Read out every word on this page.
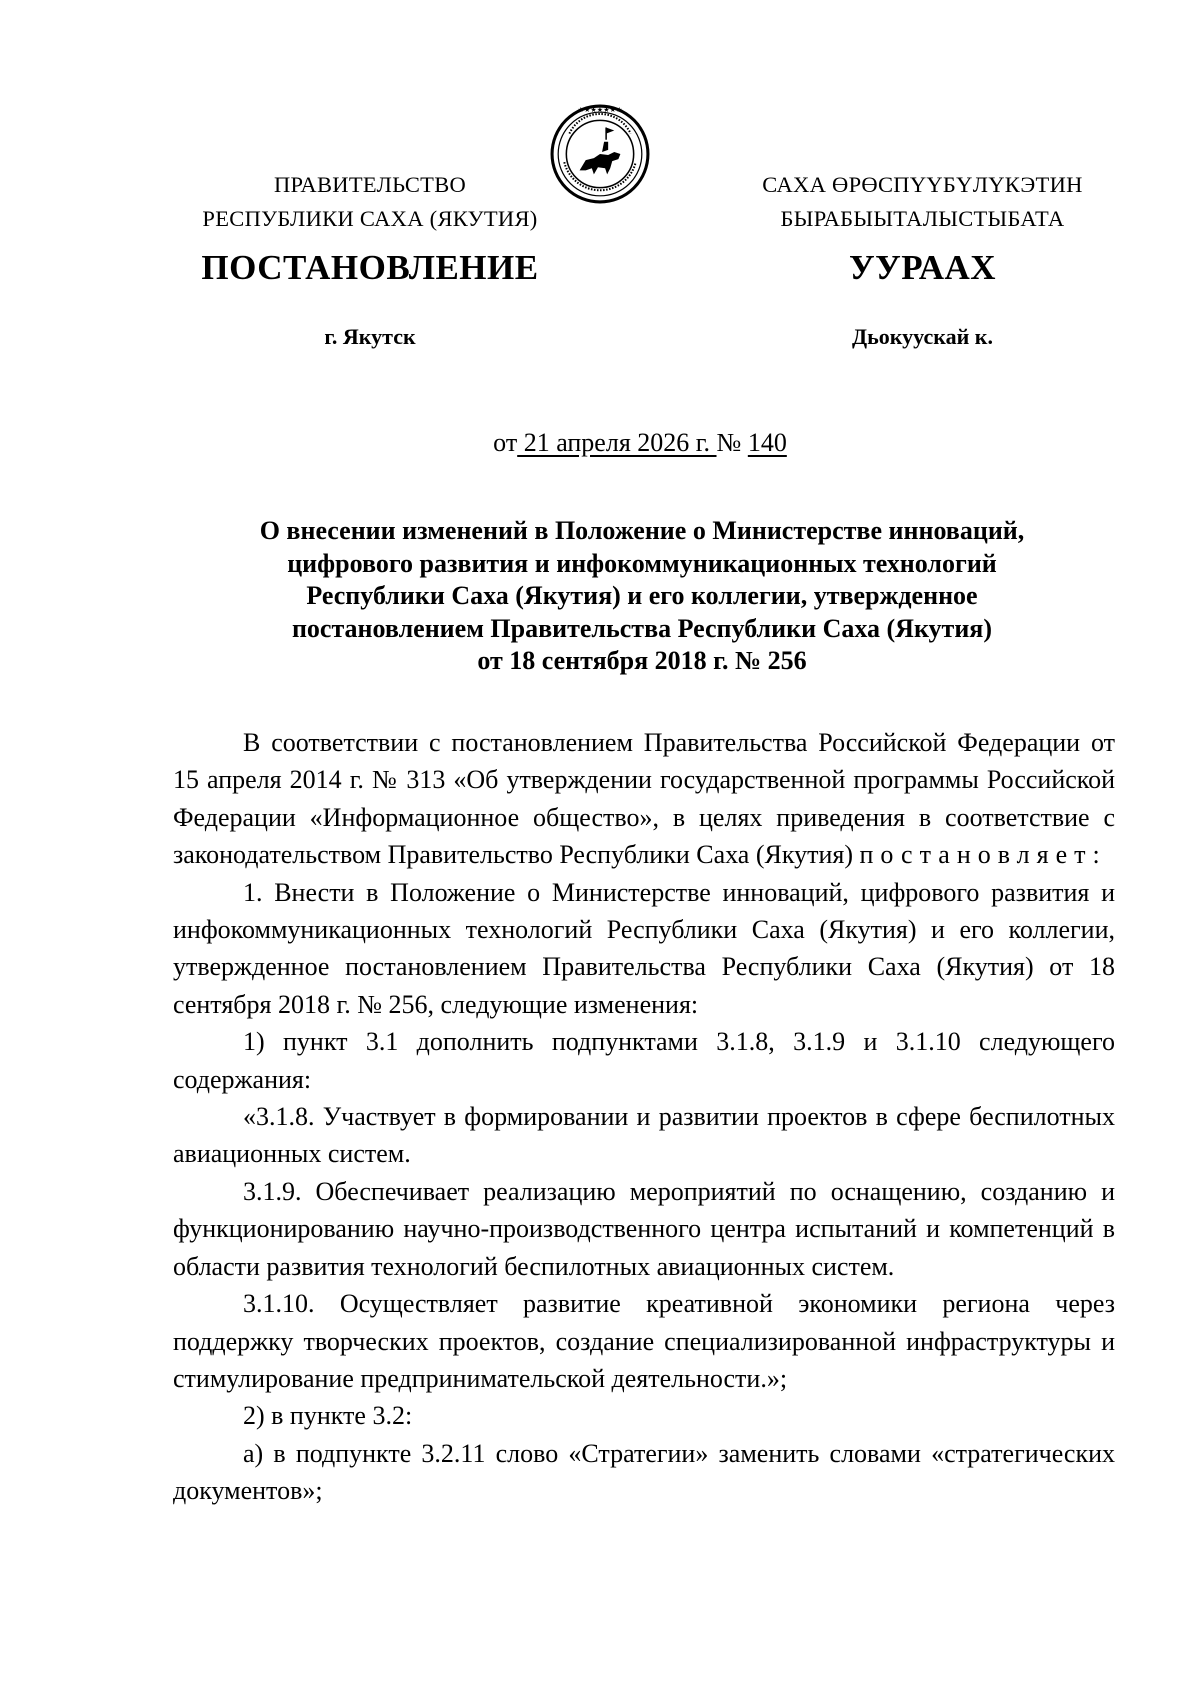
ПРАВИТЕЛЬСТВО
РЕСПУБЛИКИ САХА (ЯКУТИЯ)
★★★★★★★
САХА ӨРӨСПҮҮБҮЛҮКЭТИН
БЫРАБЫЫТАЛЫСТЫБАТА
ПОСТАНОВЛЕНИЕ	УУРААХ
г. Якутск	Дьокуускай к.
от 21 апреля 2026 г. № 140
О внесении изменений в Положение о Министерстве инноваций,
цифрового развития и инфокоммуникационных технологий
Республики Саха (Якутия) и его коллегии, утвержденное
постановлением Правительства Республики Саха (Якутия)
от 18 сентября 2018 г. № 256

В соответствии с постановлением Правительства Российской Федерации от 15 апреля 2014 г. № 313 «Об утверждении государственной программы Российской Федерации «Информационное общество», в целях приведения в соответствие с законодательством Правительство Республики Саха (Якутия) постановляет:

1. Внести в Положение о Министерстве инноваций, цифрового развития и инфокоммуникационных технологий Республики Саха (Якутия) и его коллегии, утвержденное постановлением Правительства Республики Саха (Якутия) от 18 сентября 2018 г. № 256, следующие изменения:

1) пункт 3.1 дополнить подпунктами 3.1.8, 3.1.9 и 3.1.10 следующего содержания:

«3.1.8. Участвует в формировании и развитии проектов в сфере беспилотных авиационных систем.

3.1.9. Обеспечивает реализацию мероприятий по оснащению, созданию и функционированию научно-производственного центра испытаний и компетенций в области развития технологий беспилотных авиационных систем.

3.1.10. Осуществляет развитие креативной экономики региона через поддержку творческих проектов, создание специализированной инфраструктуры и стимулирование предпринимательской деятельности.»;

2) в пункте 3.2:

а) в подпункте 3.2.11 слово «Стратегии» заменить словами «стратегических документов»;
